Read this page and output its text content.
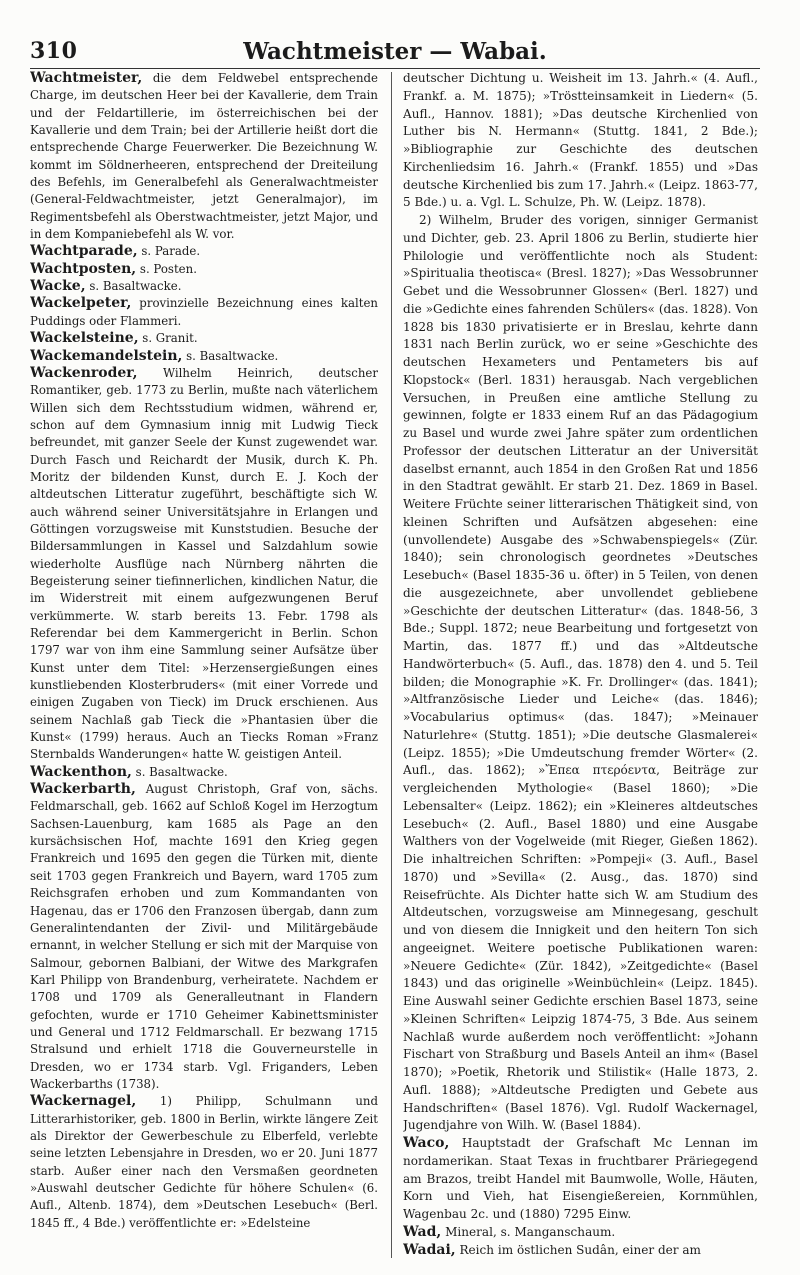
310	Wachtmeister — Wabai.

Wachtmeister, die dem Feldwebel entsprechende Charge, im deutschen Heer bei der Kavallerie, dem Train und der Feldartillerie, im österreichischen bei der Kavallerie und dem Train; bei der Artillerie heißt dort die entsprechende Charge Feuerwerker. Die Bezeichnung W. kommt im Söldnerheeren, entsprechend der Dreiteilung des Befehls, im Generalbefehl als Generalwachtmeister (General-Feldwachtmeister, jetzt Generalmajor), im Regimentsbefehl als Oberstwachtmeister, jetzt Major, und in dem Kompaniebefehl als W. vor.

Wachtparade, s. Parade.

Wachtposten, s. Posten.

Wacke, s. Basaltwacke.

Wackelpeter, provinzielle Bezeichnung eines kalten Puddings oder Flammeri.

Wackelsteine, s. Granit.

Wackemandelstein, s. Basaltwacke.

Wackenroder, Wilhelm Heinrich, deutscher Romantiker, geb. 1773 zu Berlin, mußte nach väterlichem Willen sich dem Rechtsstudium widmen, während er, schon auf dem Gymnasium innig mit Ludwig Tieck befreundet, mit ganzer Seele der Kunst zugewendet war. Durch Fasch und Reichardt der Musik, durch K. Ph. Moritz der bildenden Kunst, durch E. J. Koch der altdeutschen Litteratur zugeführt, beschäftigte sich W. auch während seiner Universitätsjahre in Erlangen und Göttingen vorzugsweise mit Kunststudien. Besuche der Bildersammlungen in Kassel und Salzdahlum sowie wiederholte Ausflüge nach Nürnberg nährten die Begeisterung seiner tiefinnerlichen, kindlichen Natur, die im Widerstreit mit einem aufgezwungenen Beruf verkümmerte. W. starb bereits 13. Febr. 1798 als Referendar bei dem Kammergericht in Berlin. Schon 1797 war von ihm eine Sammlung seiner Aufsätze über Kunst unter dem Titel: »Herzensergießungen eines kunstliebenden Klosterbruders« (mit einer Vorrede und einigen Zugaben von Tieck) im Druck erschienen. Aus seinem Nachlaß gab Tieck die »Phantasien über die Kunst« (1799) heraus. Auch an Tiecks Roman »Franz Sternbalds Wanderungen« hatte W. geistigen Anteil.

Wackenthon, s. Basaltwacke.

Wackerbarth, August Christoph, Graf von, sächs. Feldmarschall, geb. 1662 auf Schloß Kogel im Herzogtum Sachsen-Lauenburg, kam 1685 als Page an den kursächsischen Hof, machte 1691 den Krieg gegen Frankreich und 1695 den gegen die Türken mit, diente seit 1703 gegen Frankreich und Bayern, ward 1705 zum Reichsgrafen erhoben und zum Kommandanten von Hagenau, das er 1706 den Franzosen übergab, dann zum Generalintendanten der Zivil- und Militärgebäude ernannt, in welcher Stellung er sich mit der Marquise von Salmour, gebornen Balbiani, der Witwe des Markgrafen Karl Philipp von Brandenburg, verheiratete. Nachdem er 1708 und 1709 als Generalleutnant in Flandern gefochten, wurde er 1710 Geheimer Kabinettsminister und General und 1712 Feldmarschall. Er bezwang 1715 Stralsund und erhielt 1718 die Gouverneurstelle in Dresden, wo er 1734 starb. Vgl. Friganders, Leben Wackerbarths (1738).

Wackernagel, 1) Philipp, Schulmann und Litterarhistoriker, geb. 1800 in Berlin, wirkte längere Zeit als Direktor der Gewerbeschule zu Elberfeld, verlebte seine letzten Lebensjahre in Dresden, wo er 20. Juni 1877 starb. Außer einer nach den Versmaßen geordneten »Auswahl deutscher Gedichte für höhere Schulen« (6. Aufl., Altenb. 1874), dem »Deutschen Lesebuch« (Berl. 1845 ff., 4 Bde.) veröffentlichte er: »Edelsteine

deutscher Dichtung u. Weisheit im 13. Jahrh.« (4. Aufl., Frankf. a. M. 1875); »Tröstteinsamkeit in Liedern« (5. Aufl., Hannov. 1881); »Das deutsche Kirchenlied von Luther bis N. Hermann« (Stuttg. 1841, 2 Bde.); »Bibliographie zur Geschichte des deutschen Kirchenliedsim 16. Jahrh.« (Frankf. 1855) und »Das deutsche Kirchenlied bis zum 17. Jahrh.« (Leipz. 1863-77, 5 Bde.) u. a. Vgl. L. Schulze, Ph. W. (Leipz. 1878).

2) Wilhelm, Bruder des vorigen, sinniger Germanist und Dichter, geb. 23. April 1806 zu Berlin, studierte hier Philologie und veröffentlichte noch als Student: »Spiritualia theotisca« (Bresl. 1827); »Das Wessobrunner Gebet und die Wessobrunner Glossen« (Berl. 1827) und die »Gedichte eines fahrenden Schülers« (das. 1828). Von 1828 bis 1830 privatisierte er in Breslau, kehrte dann 1831 nach Berlin zurück, wo er seine »Geschichte des deutschen Hexameters und Pentameters bis auf Klopstock« (Berl. 1831) herausgab. Nach vergeblichen Versuchen, in Preußen eine amtliche Stellung zu gewinnen, folgte er 1833 einem Ruf an das Pädagogium zu Basel und wurde zwei Jahre später zum ordentlichen Professor der deutschen Litteratur an der Universität daselbst ernannt, auch 1854 in den Großen Rat und 1856 in den Stadtrat gewählt. Er starb 21. Dez. 1869 in Basel. Weitere Früchte seiner litterarischen Thätigkeit sind, von kleinen Schriften und Aufsätzen abgesehen: eine (unvollendete) Ausgabe des »Schwabenspiegels« (Zür. 1840); sein chronologisch geordnetes »Deutsches Lesebuch« (Basel 1835-36 u. öfter) in 5 Teilen, von denen die ausgezeichnete, aber unvollendet gebliebene »Geschichte der deutschen Litteratur« (das. 1848-56, 3 Bde.; Suppl. 1872; neue Bearbeitung und fortgesetzt von Martin, das. 1877 ff.) und das »Altdeutsche Handwörterbuch« (5. Aufl., das. 1878) den 4. und 5. Teil bilden; die Monographie »K. Fr. Drollinger« (das. 1841); »Altfranzösische Lieder und Leiche« (das. 1846); »Vocabularius optimus« (das. 1847); »Meinauer Naturlehre« (Stuttg. 1851); »Die deutsche Glasmalerei« (Leipz. 1855); »Die Umdeutschung fremder Wörter« (2. Aufl., das. 1862); »Ἔπεα πτερόεντα, Beiträge zur vergleichenden Mythologie« (Basel 1860); »Die Lebensalter« (Leipz. 1862); ein »Kleineres altdeutsches Lesebuch« (2. Aufl., Basel 1880) und eine Ausgabe Walthers von der Vogelweide (mit Rieger, Gießen 1862). Die inhaltreichen Schriften: »Pompeji« (3. Aufl., Basel 1870) und »Sevilla« (2. Ausg., das. 1870) sind Reisefrüchte. Als Dichter hatte sich W. am Studium des Altdeutschen, vorzugsweise am Minnegesang, geschult und von diesem die Innigkeit und den heitern Ton sich angeeignet. Weitere poetische Publikationen waren: »Neuere Gedichte« (Zür. 1842), »Zeitgedichte« (Basel 1843) und das originelle »Weinbüchlein« (Leipz. 1845). Eine Auswahl seiner Gedichte erschien Basel 1873, seine »Kleinen Schriften« Leipzig 1874-75, 3 Bde. Aus seinem Nachlaß wurde außerdem noch veröffentlicht: »Johann Fischart von Straßburg und Basels Anteil an ihm« (Basel 1870); »Poetik, Rhetorik und Stilistik« (Halle 1873, 2. Aufl. 1888); »Altdeutsche Predigten und Gebete aus Handschriften« (Basel 1876). Vgl. Rudolf Wackernagel, Jugendjahre von Wilh. W. (Basel 1884).

Waco, Hauptstadt der Grafschaft Mc Lennan im nordamerikan. Staat Texas in fruchtbarer Präriegegend am Brazos, treibt Handel mit Baumwolle, Wolle, Häuten, Korn und Vieh, hat Eisengießereien, Kornmühlen, Wagenbau 2c. und (1880) 7295 Einw.

Wad, Mineral, s. Manganschaum.

Wadai, Reich im östlichen Sudân, einer der am
